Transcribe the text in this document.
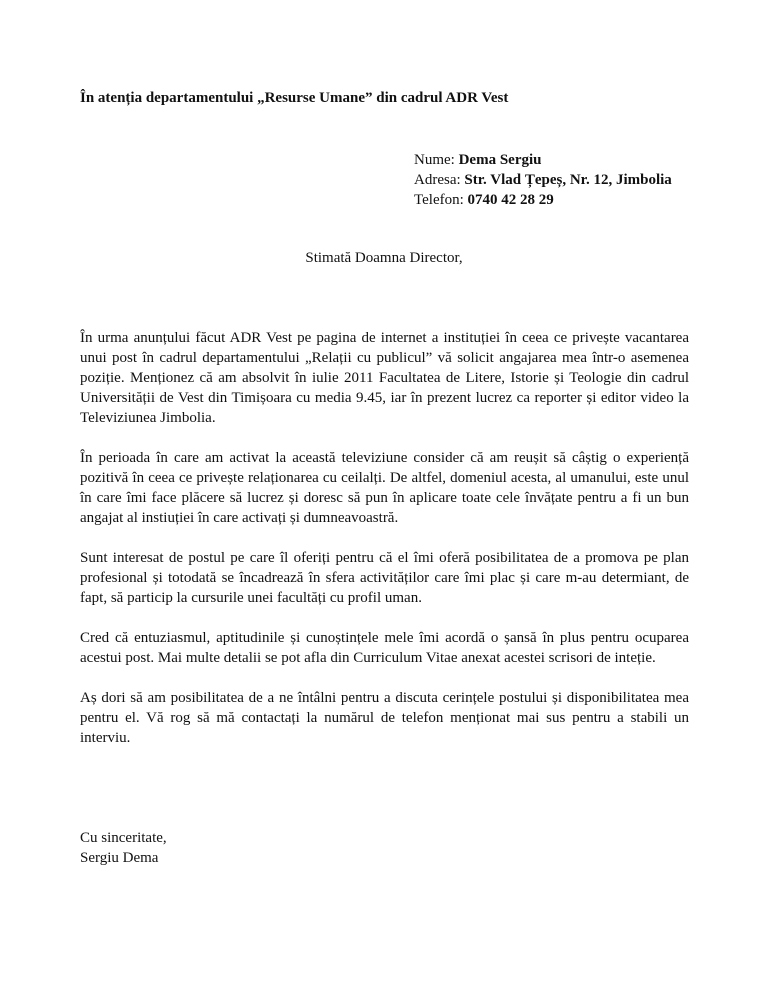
În atenția departamentului „Resurse Umane” din cadrul ADR Vest
Nume: Dema Sergiu
Adresa: Str. Vlad Țepeș, Nr. 12, Jimbolia
Telefon: 0740 42 28 29
Stimată Doamna Director,

În urma anunțului făcut ADR Vest pe pagina de internet a instituției în ceea ce privește vacantarea unui post în cadrul departamentului „Relații cu publicul” vă solicit angajarea mea într-o asemenea poziție. Menționez că am absolvit în iulie 2011 Facultatea de Litere, Istorie și Teologie din cadrul Universității de Vest din Timișoara cu media 9.45, iar în prezent lucrez ca reporter și editor video la Televiziunea Jimbolia.

În perioada în care am activat la această televiziune consider că am reușit să câștig o experiență pozitivă în ceea ce privește relaționarea cu ceilalți. De altfel, domeniul acesta, al umanului, este unul în care îmi face plăcere să lucrez și doresc să pun în aplicare toate cele învățate pentru a fi un bun angajat al instiuției în care activați și dumneavoastră.

Sunt interesat de postul pe care îl oferiți pentru că el îmi oferă posibilitatea de a promova pe plan profesional și totodată se încadrează în sfera activităților care îmi plac și care m-au determiant, de fapt, să particip la cursurile unei facultăți cu profil uman.

Cred că entuziasmul, aptitudinile și cunoștințele mele îmi acordă o șansă în plus pentru ocuparea acestui post. Mai multe detalii se pot afla din Curriculum Vitae anexat acestei scrisori de inteție.

Aș dori să am posibilitatea de a ne întâlni pentru a discuta cerințele postului și disponibilitatea mea pentru el. Vă rog să mă contactați la numărul de telefon menționat mai sus pentru a stabili un interviu.

Cu sinceritate,
Sergiu Dema
